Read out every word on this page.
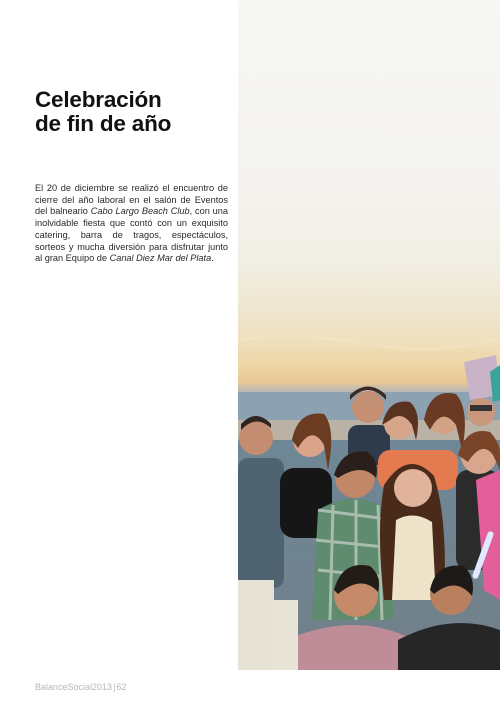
Celebración
de fin de año

El 20 de diciembre se realizó el encuentro de cierre del año laboral en el salón de Eventos del balneario Cabo Largo Beach Club, con una inolvidable fiesta que contó con un exquisito catering, barra de tragos, espectáculos, sorteos y mucha diversión para disfrutar junto al gran Equipo de Canal Diez Mar del Plata.

BalanceSocial2013|62
